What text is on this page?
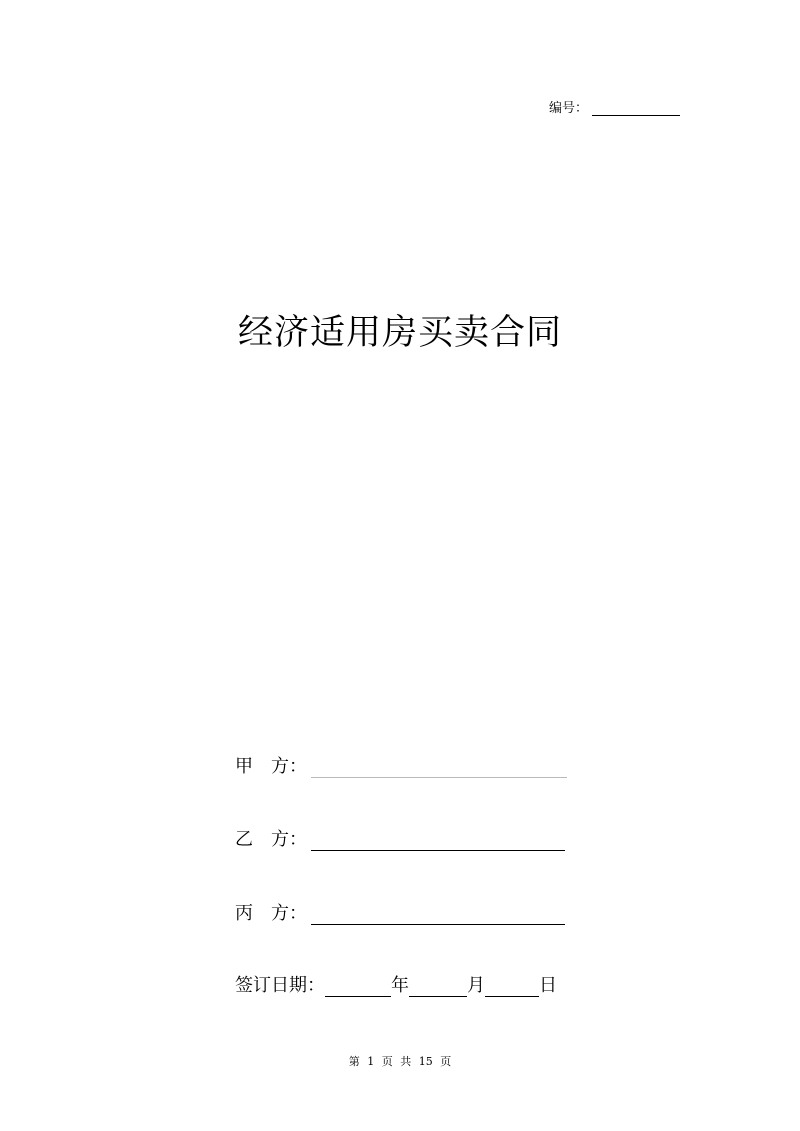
编号：
经济适用房买卖合同
甲　方：
乙　方：
丙　方：
签订日期：	年	月	日
第 1 页 共 15 页
